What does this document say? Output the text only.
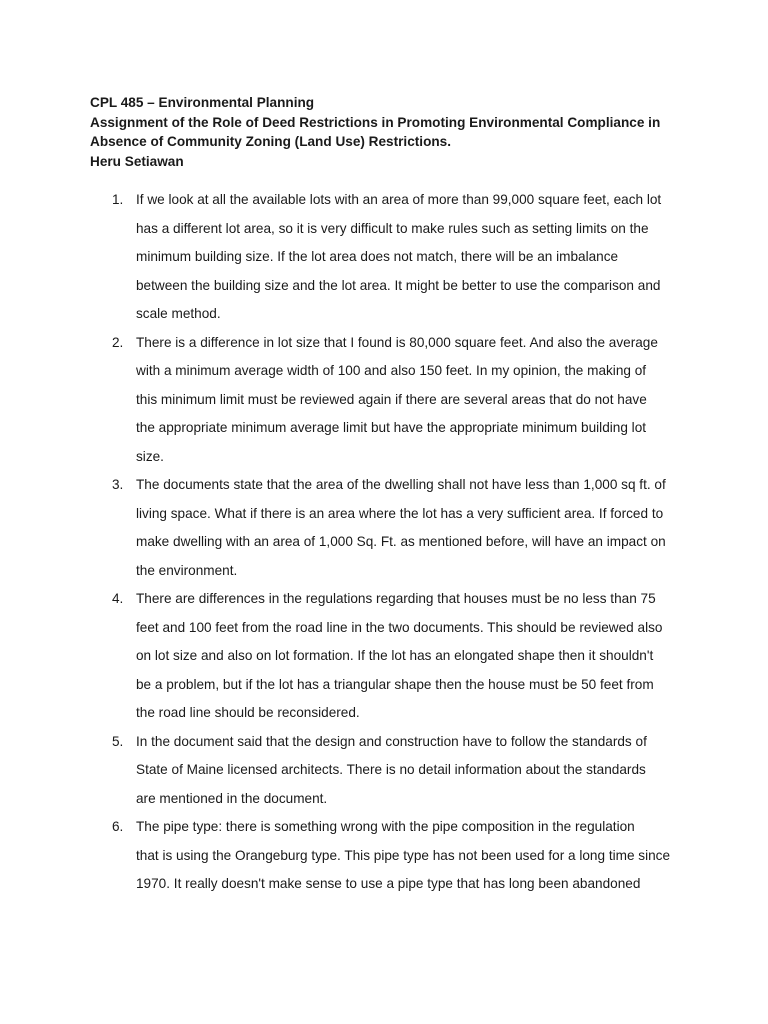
CPL 485 – Environmental Planning
Assignment of the Role of Deed Restrictions in Promoting Environmental Compliance in
Absence of Community Zoning (Land Use) Restrictions.
Heru Setiawan
1. If we look at all the available lots with an area of more than 99,000 square feet, each lot
has a different lot area, so it is very difficult to make rules such as setting limits on the
minimum building size. If the lot area does not match, there will be an imbalance
between the building size and the lot area. It might be better to use the comparison and
scale method.
2. There is a difference in lot size that I found is 80,000 square feet. And also the average
with a minimum average width of 100 and also 150 feet. In my opinion, the making of
this minimum limit must be reviewed again if there are several areas that do not have
the appropriate minimum average limit but have the appropriate minimum building lot
size.
3. The documents state that the area of the dwelling shall not have less than 1,000 sq ft. of
living space. What if there is an area where the lot has a very sufficient area. If forced to
make dwelling with an area of 1,000 Sq. Ft. as mentioned before, will have an impact on
the environment.
4. There are differences in the regulations regarding that houses must be no less than 75
feet and 100 feet from the road line in the two documents. This should be reviewed also
on lot size and also on lot formation. If the lot has an elongated shape then it shouldn't
be a problem, but if the lot has a triangular shape then the house must be 50 feet from
the road line should be reconsidered.
5. In the document said that the design and construction have to follow the standards of
State of Maine licensed architects. There is no detail information about the standards
are mentioned in the document.
6. The pipe type: there is something wrong with the pipe composition in the regulation
that is using the Orangeburg type. This pipe type has not been used for a long time since
1970. It really doesn't make sense to use a pipe type that has long been abandoned
